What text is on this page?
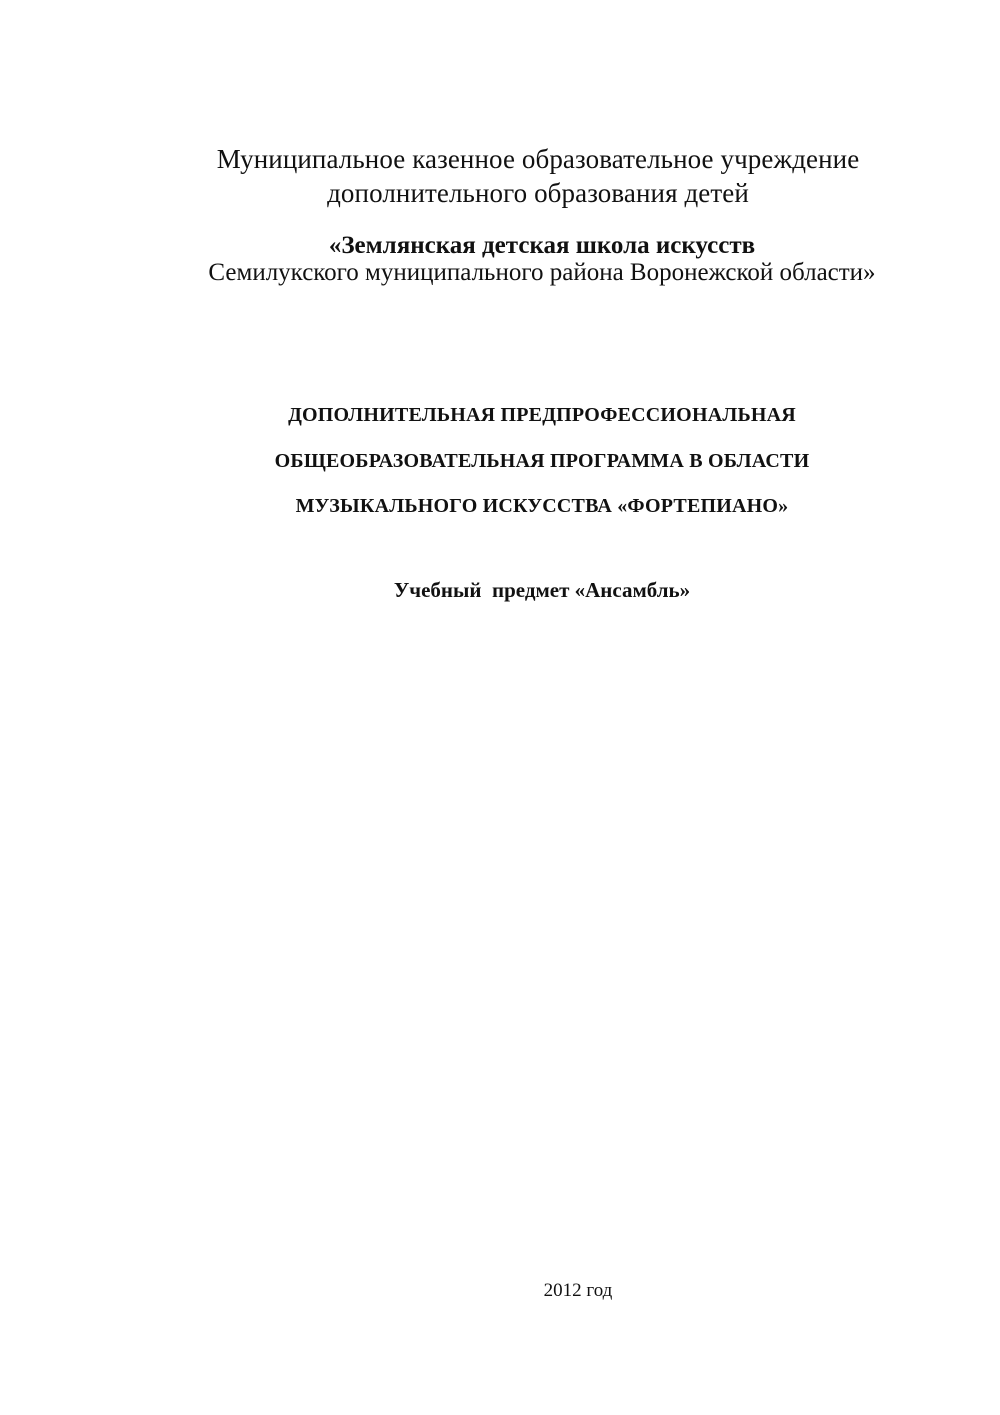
Муниципальное казенное образовательное учреждение
дополнительного образования детей
«Землянская детская школа искусств
Семилукского муниципального района Воронежской области»
ДОПОЛНИТЕЛЬНАЯ ПРЕДПРОФЕССИОНАЛЬНАЯ
ОБЩЕОБРАЗОВАТЕЛЬНАЯ ПРОГРАММА В ОБЛАСТИ
МУЗЫКАЛЬНОГО ИСКУССТВА «ФОРТЕПИАНО»
Учебный  предмет «Ансамбль»
2012 год
